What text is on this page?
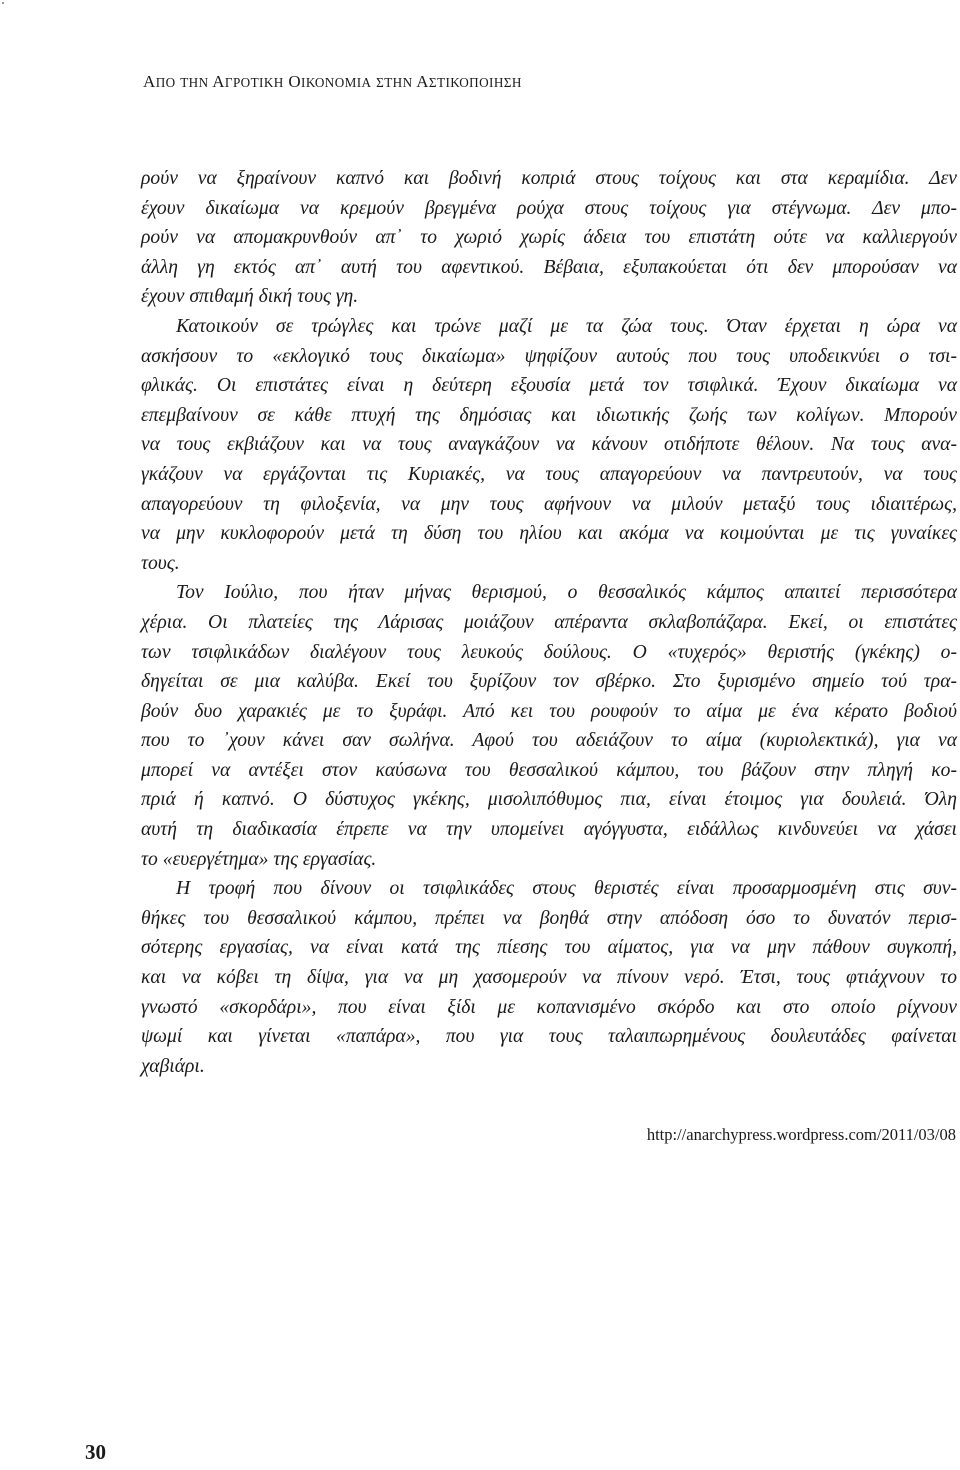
ΑΠΟ ΤΗΝ ΑΓΡΟΤΙΚΗ ΟΙΚΟΝΟΜΙΑ ΣΤΗΝ ΑΣΤΙΚΟΠΟΙΗΣΗ
ρούν να ξηραίνουν καπνό και βοδινή κοπριά στους τοίχους και στα κεραμίδια. Δεν
έχουν δικαίωμα να κρεμούν βρεγμένα ρούχα στους τοίχους για στέγνωμα. Δεν μπο-
ρούν να απομακρυνθούν απ᾿ το χωριό χωρίς άδεια του επιστάτη ούτε να καλλιεργούν
άλλη γη εκτός απ᾿ αυτή του αφεντικού. Βέβαια, εξυπακούεται ότι δεν μπορούσαν να
έχουν σπιθαμή δική τους γη.
Κατοικούν σε τρώγλες και τρώνε μαζί με τα ζώα τους. Όταν έρχεται η ώρα να
ασκήσουν το «εκλογικό τους δικαίωμα» ψηφίζουν αυτούς που τους υποδεικνύει ο τσι-
φλικάς. Οι επιστάτες είναι η δεύτερη εξουσία μετά τον τσιφλικά. Έχουν δικαίωμα να
επεμβαίνουν σε κάθε πτυχή της δημόσιας και ιδιωτικής ζωής των κολίγων. Μπορούν
να τους εκβιάζουν και να τους αναγκάζουν να κάνουν οτιδήποτε θέλουν. Να τους ανα-
γκάζουν να εργάζονται τις Κυριακές, να τους απαγορεύουν να παντρευτούν, να τους
απαγορεύουν τη φιλοξενία, να μην τους αφήνουν να μιλούν μεταξύ τους ιδιαιτέρως,
να μην κυκλοφορούν μετά τη δύση του ηλίου και ακόμα να κοιμούνται με τις γυναίκες
τους.
Τον Ιούλιο, που ήταν μήνας θερισμού, ο θεσσαλικός κάμπος απαιτεί περισσότερα
χέρια. Οι πλατείες της Λάρισας μοιάζουν απέραντα σκλαβοπάζαρα. Εκεί, οι επιστάτες
των τσιφλικάδων διαλέγουν τους λευκούς δούλους. Ο «τυχερός» θεριστής (γκέκης) ο-
δηγείται σε μια καλύβα. Εκεί του ξυρίζουν τον σβέρκο. Στο ξυρισμένο σημείο τού τρα-
βούν δυο χαρακιές με το ξυράφι. Από κει του ρουφούν το αίμα με ένα κέρατο βοδιού
που το ᾿χουν κάνει σαν σωλήνα. Αφού του αδειάζουν το αίμα (κυριολεκτικά), για να
μπορεί να αντέξει στον καύσωνα του θεσσαλικού κάμπου, του βάζουν στην πληγή κο-
πριά ή καπνό. Ο δύστυχος γκέκης, μισολιπόθυμος πια, είναι έτοιμος για δουλειά. Όλη
αυτή τη διαδικασία έπρεπε να την υπομείνει αγόγγυστα, ειδάλλως κινδυνεύει να χάσει
το «ευεργέτημα» της εργασίας.
Η τροφή που δίνουν οι τσιφλικάδες στους θεριστές είναι προσαρμοσμένη στις συν-
θήκες του θεσσαλικού κάμπου, πρέπει να βοηθά στην απόδοση όσο το δυνατόν περισ-
σότερης εργασίας, να είναι κατά της πίεσης του αίματος, για να μην πάθουν συγκοπή,
και να κόβει τη δίψα, για να μη χασομερούν να πίνουν νερό. Έτσι, τους φτιάχνουν το
γνωστό «σκορδάρι», που είναι ξίδι με κοπανισμένο σκόρδο και στο οποίο ρίχνουν
ψωμί και γίνεται «παπάρα», που για τους ταλαιπωρημένους δουλευτάδες φαίνεται
χαβιάρι.
http://anarchypress.wordpress.com/2011/03/08
30
